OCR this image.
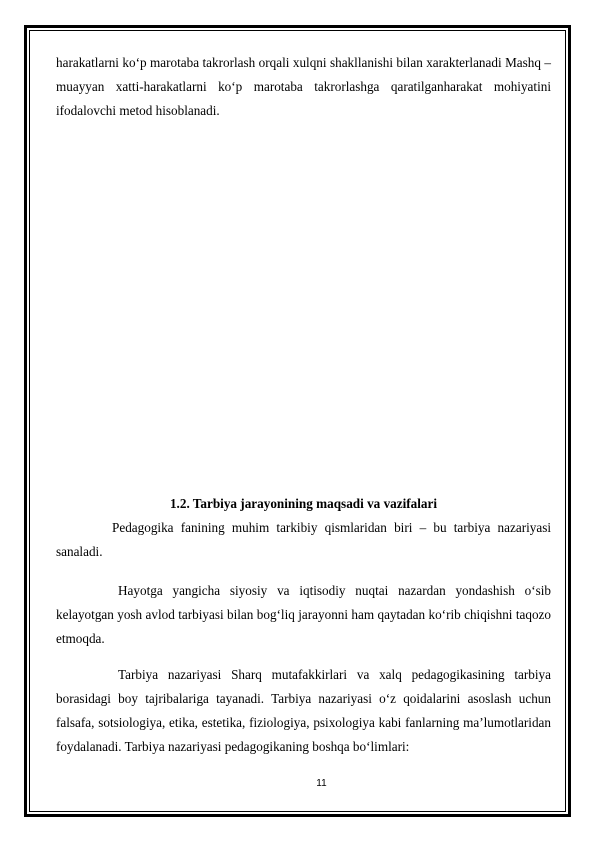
harakatlarni ko‘p marotaba takrorlash orqali xulqni shakllanishi bilan xarakterlanadi Mashq – muayyan xatti-harakatlarni ko‘p marotaba takrorlashga qaratilganharakat mohiyatini ifodalovchi metod hisoblanadi.

1.2. Tarbiya jarayonining maqsadi va vazifalari

Pedagogika fanining muhim tarkibiy qismlaridan biri – bu tarbiya nazariyasi sanaladi.

Hayotga yangicha siyosiy va iqtisodiy nuqtai nazardan yondashish o‘sib kelayotgan yosh avlod tarbiyasi bilan bog‘liq jarayonni ham qaytadan ko‘rib chiqishni taqozo etmoqda.

Tarbiya nazariyasi Sharq mutafakkirlari va xalq pedagogikasining tarbiya borasidagi boy tajribalariga tayanadi. Tarbiya nazariyasi o‘z qoidalarini asoslash uchun falsafa, sotsiologiya, etika, estetika, fiziologiya, psixologiya kabi fanlarning ma’lumotlaridan foydalanadi. Tarbiya nazariyasi pedagogikaning boshqa bo‘limlari:

11
